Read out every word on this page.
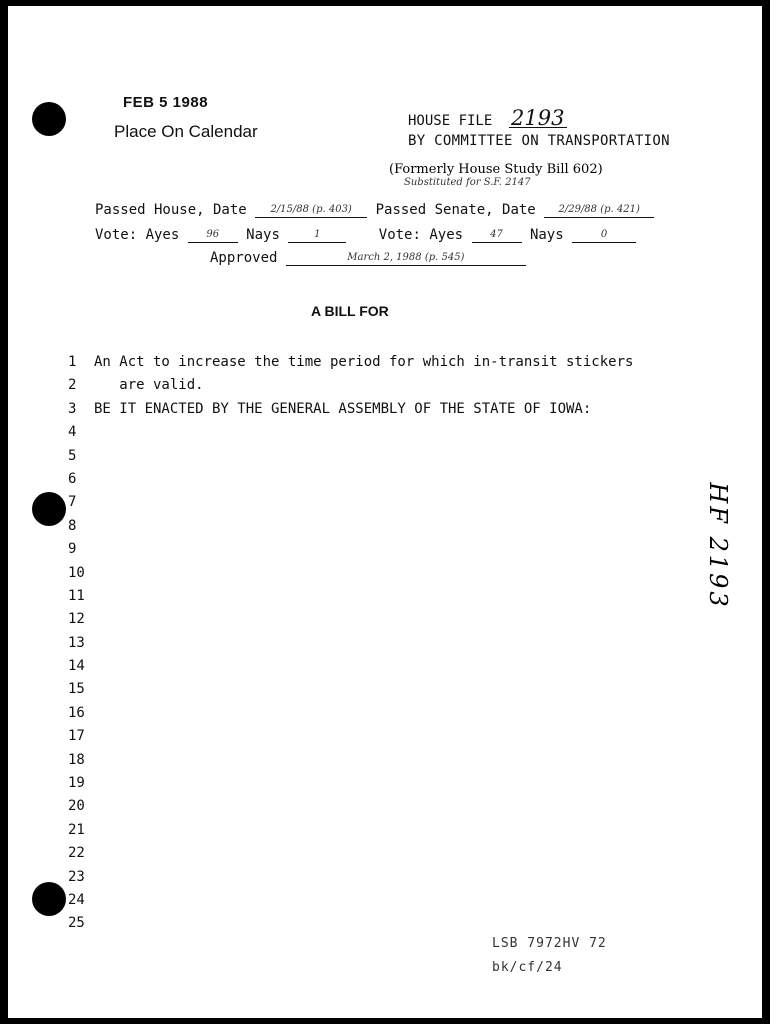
FEB 5 1988
Place On Calendar
HOUSE FILE 2193
BY COMMITTEE ON TRANSPORTATION
(Formerly House Study Bill 602)
Substituted for S.F. 2147
Passed House, Date 2/15/88 (p. 403) Passed Senate, Date 2/29/88 (p. 421)
Vote: Ayes	96 Nays	1	Vote: Ayes	47 Nays	0
Approved	March 2, 1988 (p. 545)
A BILL FOR
1 An Act to increase the time period for which in-transit stickers
2   are valid.
3 BE IT ENACTED BY THE GENERAL ASSEMBLY OF THE STATE OF IOWA:
4
5
6
7
8
9
10
11
12
13
14
15
16
17
18
19
20
21
22
23
24
25
HF 2193
LSB 7972HV 72
bk/cf/24
